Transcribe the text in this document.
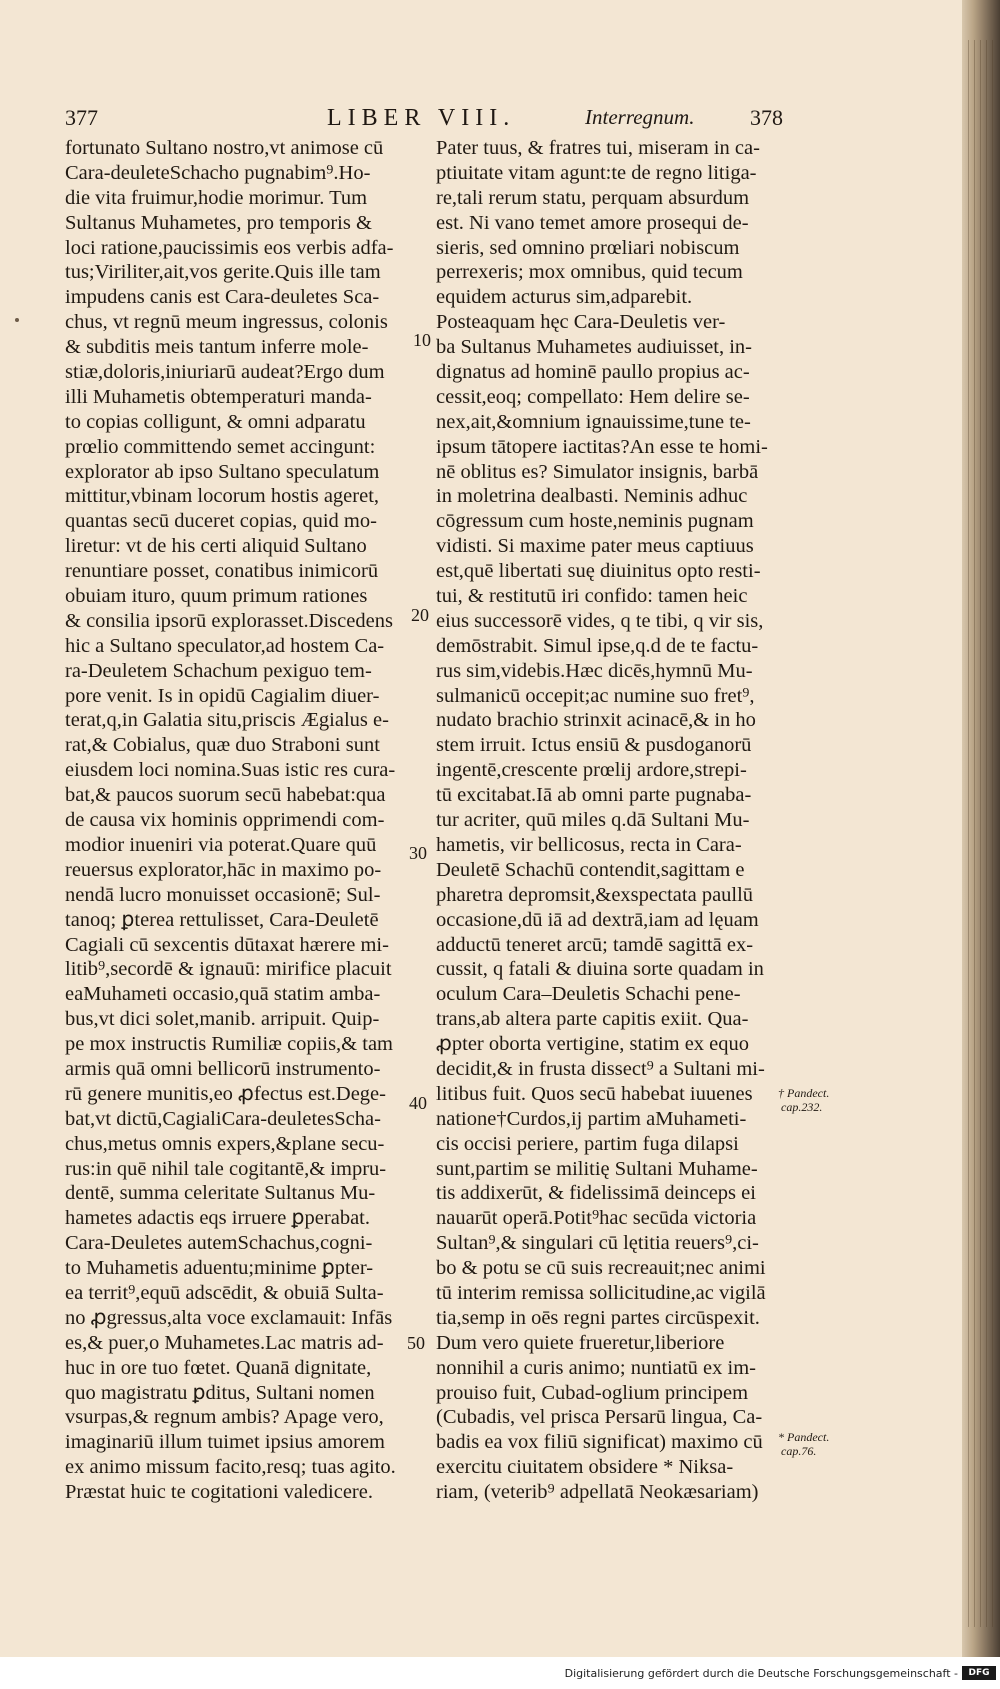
377	LIBER VIII.	Interregnum.	378
fortunato Sultano nostro,vt animose cū
Cara-deuleteSchacho pugnabim⁹.Ho-
die vita fruimur,hodie morimur. Tum
Sultanus Muhametes, pro temporis &
loci ratione,paucissimis eos verbis adfa-
tus;Viriliter,ait,vos gerite.Quis ille tam
impudens canis est Cara-deuletes Sca-
chus, vt regnū meum ingressus, colonis
& subditis meis tantum inferre mole-
stiæ,doloris,iniuriarū audeat?Ergo dum
illi Muhametis obtemperaturi manda-
to copias colligunt, & omni adparatu
prœlio committendo semet accingunt:
explorator ab ipso Sultano speculatum
mittitur,vbinam locorum hostis ageret,
quantas secū duceret copias, quid mo-
liretur: vt de his certi aliquid Sultano
renuntiare posset, conatibus inimicorū
obuiam ituro, quum primum rationes
& consilia ipsorū explorasset.Discedens
hic a Sultano speculator,ad hostem Ca-
ra-Deuletem Schachum pexiguo tem-
pore venit. Is in opidū Cagialim diuer-
terat,q,in Galatia situ,priscis Ægialus e-
rat,& Cobialus, quæ duo Straboni sunt
eiusdem loci nomina.Suas istic res cura-
bat,& paucos suorum secū habebat:qua
de causa vix hominis opprimendi com-
modior inueniri via poterat.Quare quū
reuersus explorator,hāc in maximo po-
nendā lucro monuisset occasionē; Sul-
tanoq; ꝑterea rettulisset, Cara-Deuletē
Cagiali cū sexcentis dūtaxat hærere mi-
litib⁹,secordē & ignauū: mirifice placuit
eaMuhameti occasio,quā statim amba-
bus,vt dici solet,manib. arripuit. Quip-
pe mox instructis Rumiliæ copiis,& tam
armis quā omni bellicorū instrumento-
rū genere munitis,eo ꝓfectus est.Dege-
bat,vt dictū,CagialiCara-deuletesScha-
chus,metus omnis expers,&plane secu-
rus:in quē nihil tale cogitantē,& impru-
dentē, summa celeritate Sultanus Mu-
hametes adactis eqs irruere ꝑperabat.
Cara-Deuletes autemSchachus,cogni-
to Muhametis aduentu;minime ꝑpter-
ea territ⁹,equū adscēdit, & obuiā Sulta-
no ꝓgressus,alta voce exclamauit: Infās
es,& puer,o Muhametes.Lac matris ad-
huc in ore tuo fœtet. Quanā dignitate,
quo magistratu ꝑditus, Sultani nomen
vsurpas,& regnum ambis? Apage vero,
imaginariū illum tuimet ipsius amorem
ex animo missum facito,resq; tuas agito.
Præstat huic te cogitationi valedicere.
Pater tuus, & fratres tui, miseram in ca-
ptiuitate vitam agunt:te de regno litiga-
re,tali rerum statu, perquam absurdum
est. Ni vano temet amore prosequi de-
sieris, sed omnino prœliari nobiscum
perrexeris; mox omnibus, quid tecum
equidem acturus sim,adparebit.
Posteaquam hęc Cara-Deuletis ver-
ba Sultanus Muhametes audiuisset, in-
dignatus ad hominē paullo propius ac-
cessit,eoq; compellato: Hem delire se-
nex,ait,&omnium ignauissime,tune te-
ipsum tātopere iactitas?An esse te homi-
nē oblitus es? Simulator insignis, barbā
in moletrina dealbasti. Neminis adhuc
cōgressum cum hoste,neminis pugnam
vidisti. Si maxime pater meus captiuus
est,quē libertati suę diuinitus opto resti-
tui, & restitutū iri confido: tamen heic
eius successorē vides, q te tibi, q vir sis,
demōstrabit. Simul ipse,q.d de te factu-
rus sim,videbis.Hæc dicēs,hymnū Mu-
sulmanicū occepit;ac numine suo fret⁹,
nudato brachio strinxit acinacē,& in ho
stem irruit. Ictus ensiū & pusdoganorū
ingentē,crescente prœlij ardore,strepi-
tū excitabat.Iā ab omni parte pugnaba-
tur acriter, quū miles q.dā Sultani Mu-
hametis, vir bellicosus, recta in Cara-
Deuletē Schachū contendit,sagittam e
pharetra depromsit,&exspectata paullū
occasione,dū iā ad dextrā,iam ad lęuam
adductū teneret arcū; tamdē sagittā ex-
cussit, q fatali & diuina sorte quadam in
oculum Cara–Deuletis Schachi pene-
trans,ab altera parte capitis exiit. Qua-
ꝓpter oborta vertigine, statim ex equo
decidit,& in frusta dissect⁹ a Sultani mi-
litibus fuit. Quos secū habebat iuuenes
natione†Curdos,ij partim aMuhameti-
cis occisi periere, partim fuga dilapsi
sunt,partim se militię Sultani Muhame-
tis addixerūt, & fidelissimā deinceps ei
nauarūt operā.Potit⁹hac secūda victoria
Sultan⁹,& singulari cū lętitia reuers⁹,ci-
bo & potu se cū suis recreauit;nec animi
tū interim remissa sollicitudine,ac vigilā
tia,semp in oēs regni partes circūspexit.
Dum vero quiete frueretur,liberiore
nonnihil a curis animo; nuntiatū ex im-
prouiso fuit, Cubad-oglium principem
(Cubadis, vel prisca Persarū lingua, Ca-
badis ea vox filiū significat) maximo cū
exercitu ciuitatem obsidere * Niksa-
riam, (veterib⁹ adpellatā Neokæsariam)
10
20
30
40
50
† Pandect.
cap.232.
* Pandect.
cap.76.
Digitalisierung gefördert durch die Deutsche Forschungsgemeinschaft -	DFG
